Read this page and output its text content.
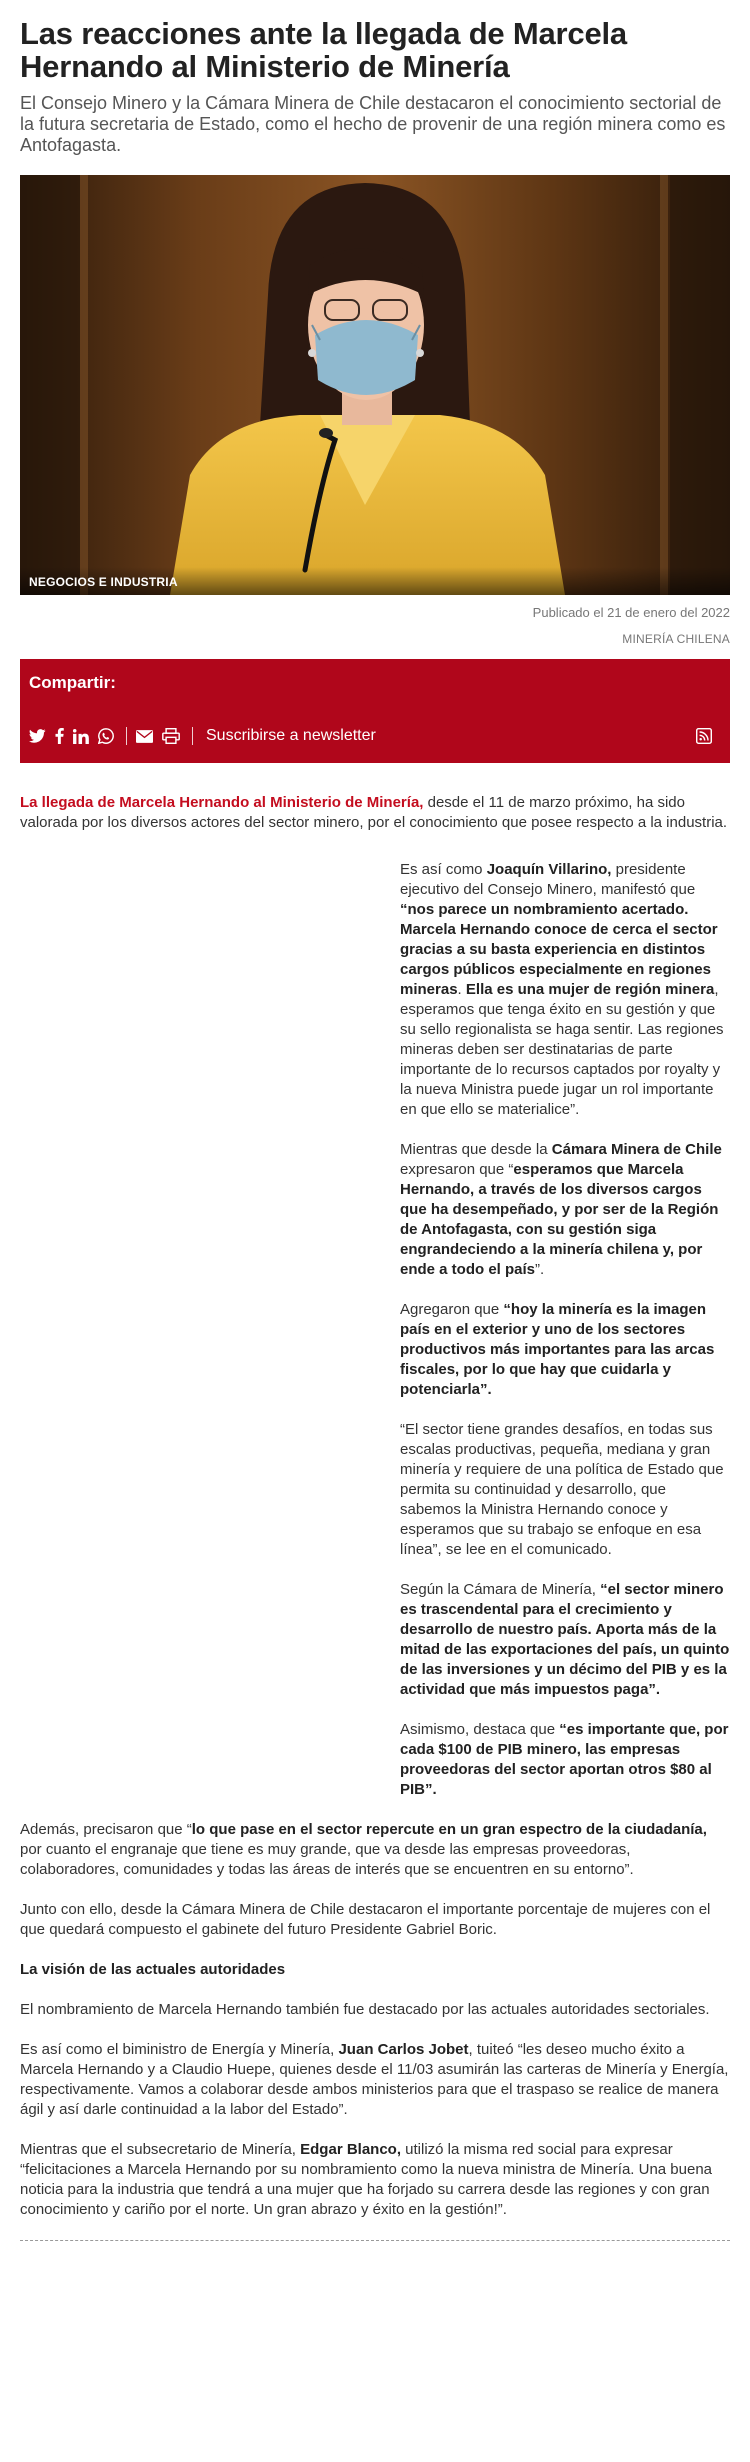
Las reacciones ante la llegada de Marcela Hernando al Ministerio de Minería

El Consejo Minero y la Cámara Minera de Chile destacaron el conocimiento sectorial de la futura secretaria de Estado, como el hecho de provenir de una región minera como es Antofagasta.

NEGOCIOS E INDUSTRIA
Publicado el 21 de enero del 2022
MINERÍA CHILENA
Compartir:
Suscribirse a newsletter

La llegada de Marcela Hernando al Ministerio de Minería, desde el 11 de marzo próximo, ha sido valorada por los diversos actores del sector minero, por el conocimiento que posee respecto a la industria.

Es así como Joaquín Villarino, presidente ejecutivo del Consejo Minero, manifestó que “nos parece un nombramiento acertado. Marcela Hernando conoce de cerca el sector gracias a su basta experiencia en distintos cargos públicos especialmente en regiones mineras. Ella es una mujer de región minera, esperamos que tenga éxito en su gestión y que su sello regionalista se haga sentir. Las regiones mineras deben ser destinatarias de parte importante de lo recursos captados por royalty y la nueva Ministra puede jugar un rol importante en que ello se materialice”.

Mientras que desde la Cámara Minera de Chile expresaron que “esperamos que Marcela Hernando, a través de los diversos cargos que ha desempeñado, y por ser de la Región de Antofagasta, con su gestión siga engrandeciendo a la minería chilena y, por ende a todo el país”.

Agregaron que “hoy la minería es la imagen país en el exterior y uno de los sectores productivos más importantes para las arcas fiscales, por lo que hay que cuidarla y potenciarla”.

“El sector tiene grandes desafíos, en todas sus escalas productivas, pequeña, mediana y gran minería y requiere de una política de Estado que permita su continuidad y desarrollo, que sabemos la Ministra Hernando conoce y esperamos que su trabajo se enfoque en esa línea”, se lee en el comunicado.

Según la Cámara de Minería, “el sector minero es trascendental para el crecimiento y desarrollo de nuestro país. Aporta más de la mitad de las exportaciones del país, un quinto de las inversiones y un décimo del PIB y es la actividad que más impuestos paga”.

Asimismo, destaca que “es importante que, por cada $100 de PIB minero, las empresas proveedoras del sector aportan otros $80 al PIB”.

Además, precisaron que “lo que pase en el sector repercute en un gran espectro de la ciudadanía, por cuanto el engranaje que tiene es muy grande, que va desde las empresas proveedoras, colaboradores, comunidades y todas las áreas de interés que se encuentren en su entorno”.

Junto con ello, desde la Cámara Minera de Chile destacaron el importante porcentaje de mujeres con el que quedará compuesto el gabinete del futuro Presidente Gabriel Boric.

La visión de las actuales autoridades

El nombramiento de Marcela Hernando también fue destacado por las actuales autoridades sectoriales.

Es así como el biministro de Energía y Minería, Juan Carlos Jobet, tuiteó “les deseo mucho éxito a Marcela Hernando y a Claudio Huepe, quienes desde el 11/03 asumirán las carteras de Minería y Energía, respectivamente. Vamos a colaborar desde ambos ministerios para que el traspaso se realice de manera ágil y así darle continuidad a la labor del Estado”.

Mientras que el subsecretario de Minería, Edgar Blanco, utilizó la misma red social para expresar “felicitaciones a Marcela Hernando por su nombramiento como la nueva ministra de Minería. Una buena noticia para la industria que tendrá a una mujer que ha forjado su carrera desde las regiones y con gran conocimiento y cariño por el norte. Un gran abrazo y éxito en la gestión!”.
